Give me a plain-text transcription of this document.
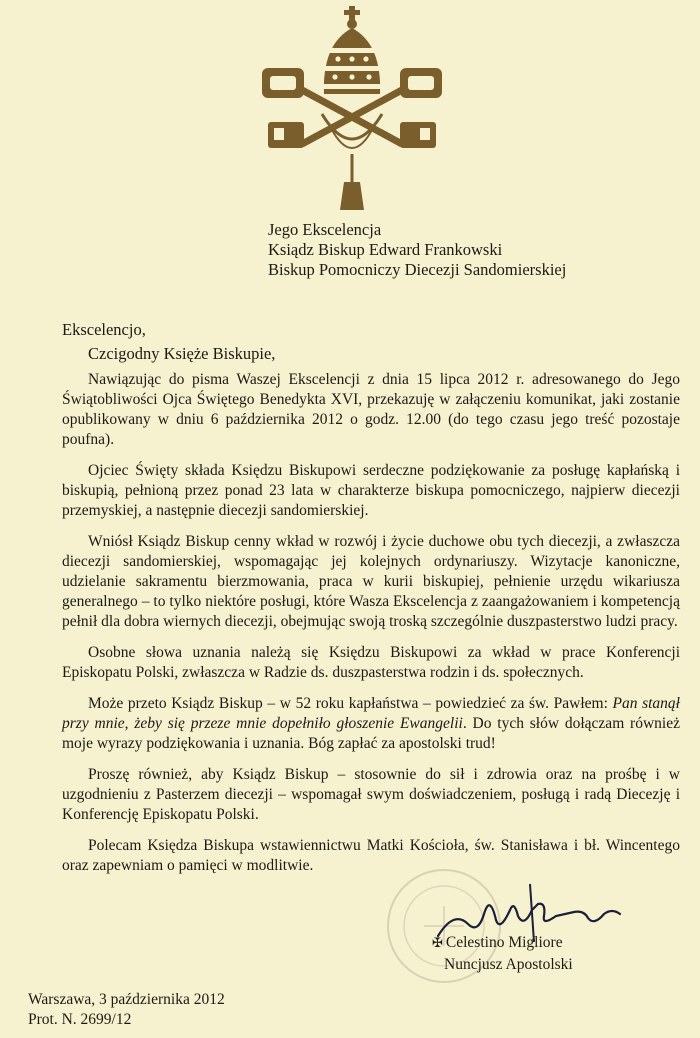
Jego Ekscelencja
Ksiądz Biskup Edward Frankowski
Biskup Pomocniczy Diecezji Sandomierskiej
Ekscelencjo,
Czcigodny Księże Biskupie,

Nawiązując do pisma Waszej Ekscelencji z dnia 15 lipca 2012 r. adresowanego do Jego Świątobliwości Ojca Świętego Benedykta XVI, przekazuję w załączeniu komunikat, jaki zostanie opublikowany w dniu 6 października 2012 o godz. 12.00 (do tego czasu jego treść pozostaje poufna).

Ojciec Święty składa Księdzu Biskupowi serdeczne podziękowanie za posługę kapłańską i biskupią, pełnioną przez ponad 23 lata w charakterze biskupa pomocniczego, najpierw diecezji przemyskiej, a następnie diecezji sandomierskiej.

Wniósł Ksiądz Biskup cenny wkład w rozwój i życie duchowe obu tych diecezji, a zwłaszcza diecezji sandomierskiej, wspomagając jej kolejnych ordynariuszy. Wizytacje kanoniczne, udzielanie sakramentu bierzmowania, praca w kurii biskupiej, pełnienie urzędu wikariusza generalnego – to tylko niektóre posługi, które Wasza Ekscelencja z zaangażowaniem i kompetencją pełnił dla dobra wiernych diecezji, obejmując swoją troską szczególnie duszpasterstwo ludzi pracy.

Osobne słowa uznania należą się Księdzu Biskupowi za wkład w prace Konferencji Episkopatu Polski, zwłaszcza w Radzie ds. duszpasterstwa rodzin i ds. społecznych.

Może przeto Ksiądz Biskup – w 52 roku kapłaństwa – powiedzieć za św. Pawłem: Pan stanął przy mnie, żeby się przeze mnie dopełniło głoszenie Ewangelii. Do tych słów dołączam również moje wyrazy podziękowania i uznania. Bóg zapłać za apostolski trud!

Proszę również, aby Ksiądz Biskup – stosownie do sił i zdrowia oraz na prośbę i w uzgodnieniu z Pasterzem diecezji – wspomagał swym doświadczeniem, posługą i radą Diecezję i Konferencję Episkopatu Polski.

Polecam Księdza Biskupa wstawiennictwu Matki Kościoła, św. Stanisława i bł. Wincentego oraz zapewniam o pamięci w modlitwie.

✠ Celestino Migliore
Nuncjusz Apostolski
Warszawa, 3 października 2012
Prot. N. 2699/12
